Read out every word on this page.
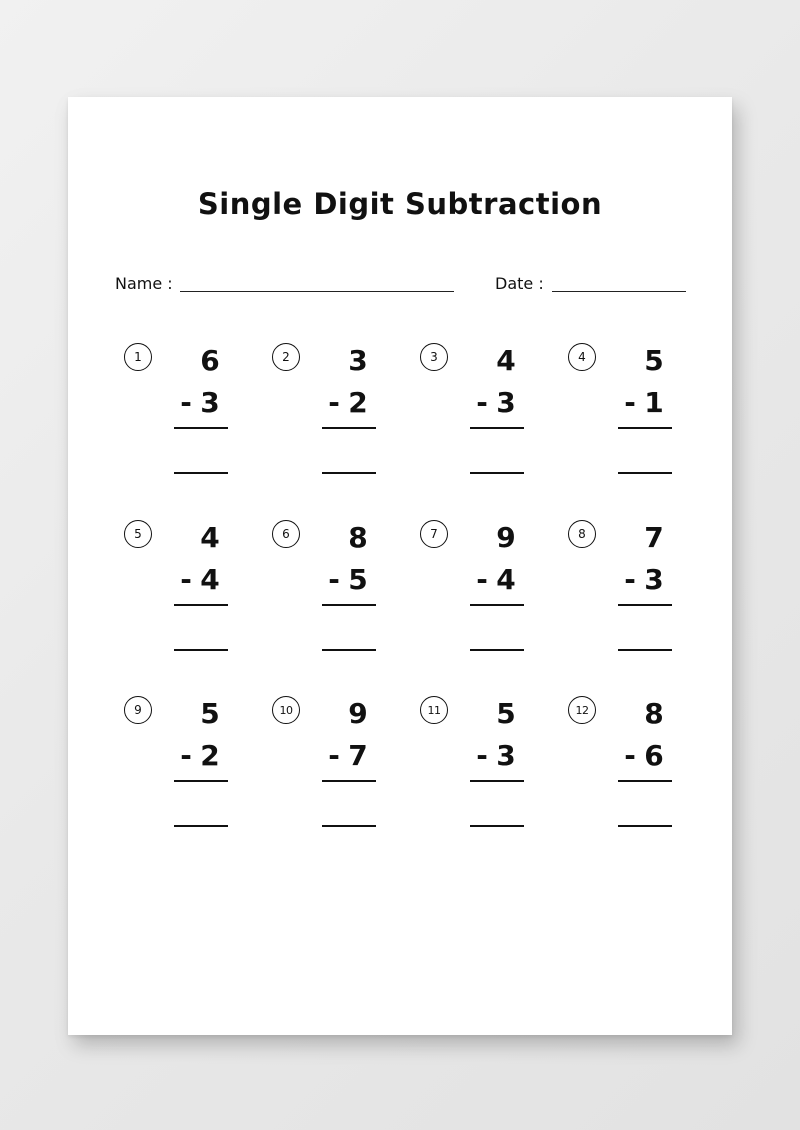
Single Digit Subtraction
Name :	Date :
1	6
- 3
2	3
- 2
3	4
- 3
4	5
- 1
5	4
- 4
6	8
- 5
7	9
- 4
8	7
- 3
9	5
- 2
10 9
- 7
11 5
- 3
12 8
- 6
